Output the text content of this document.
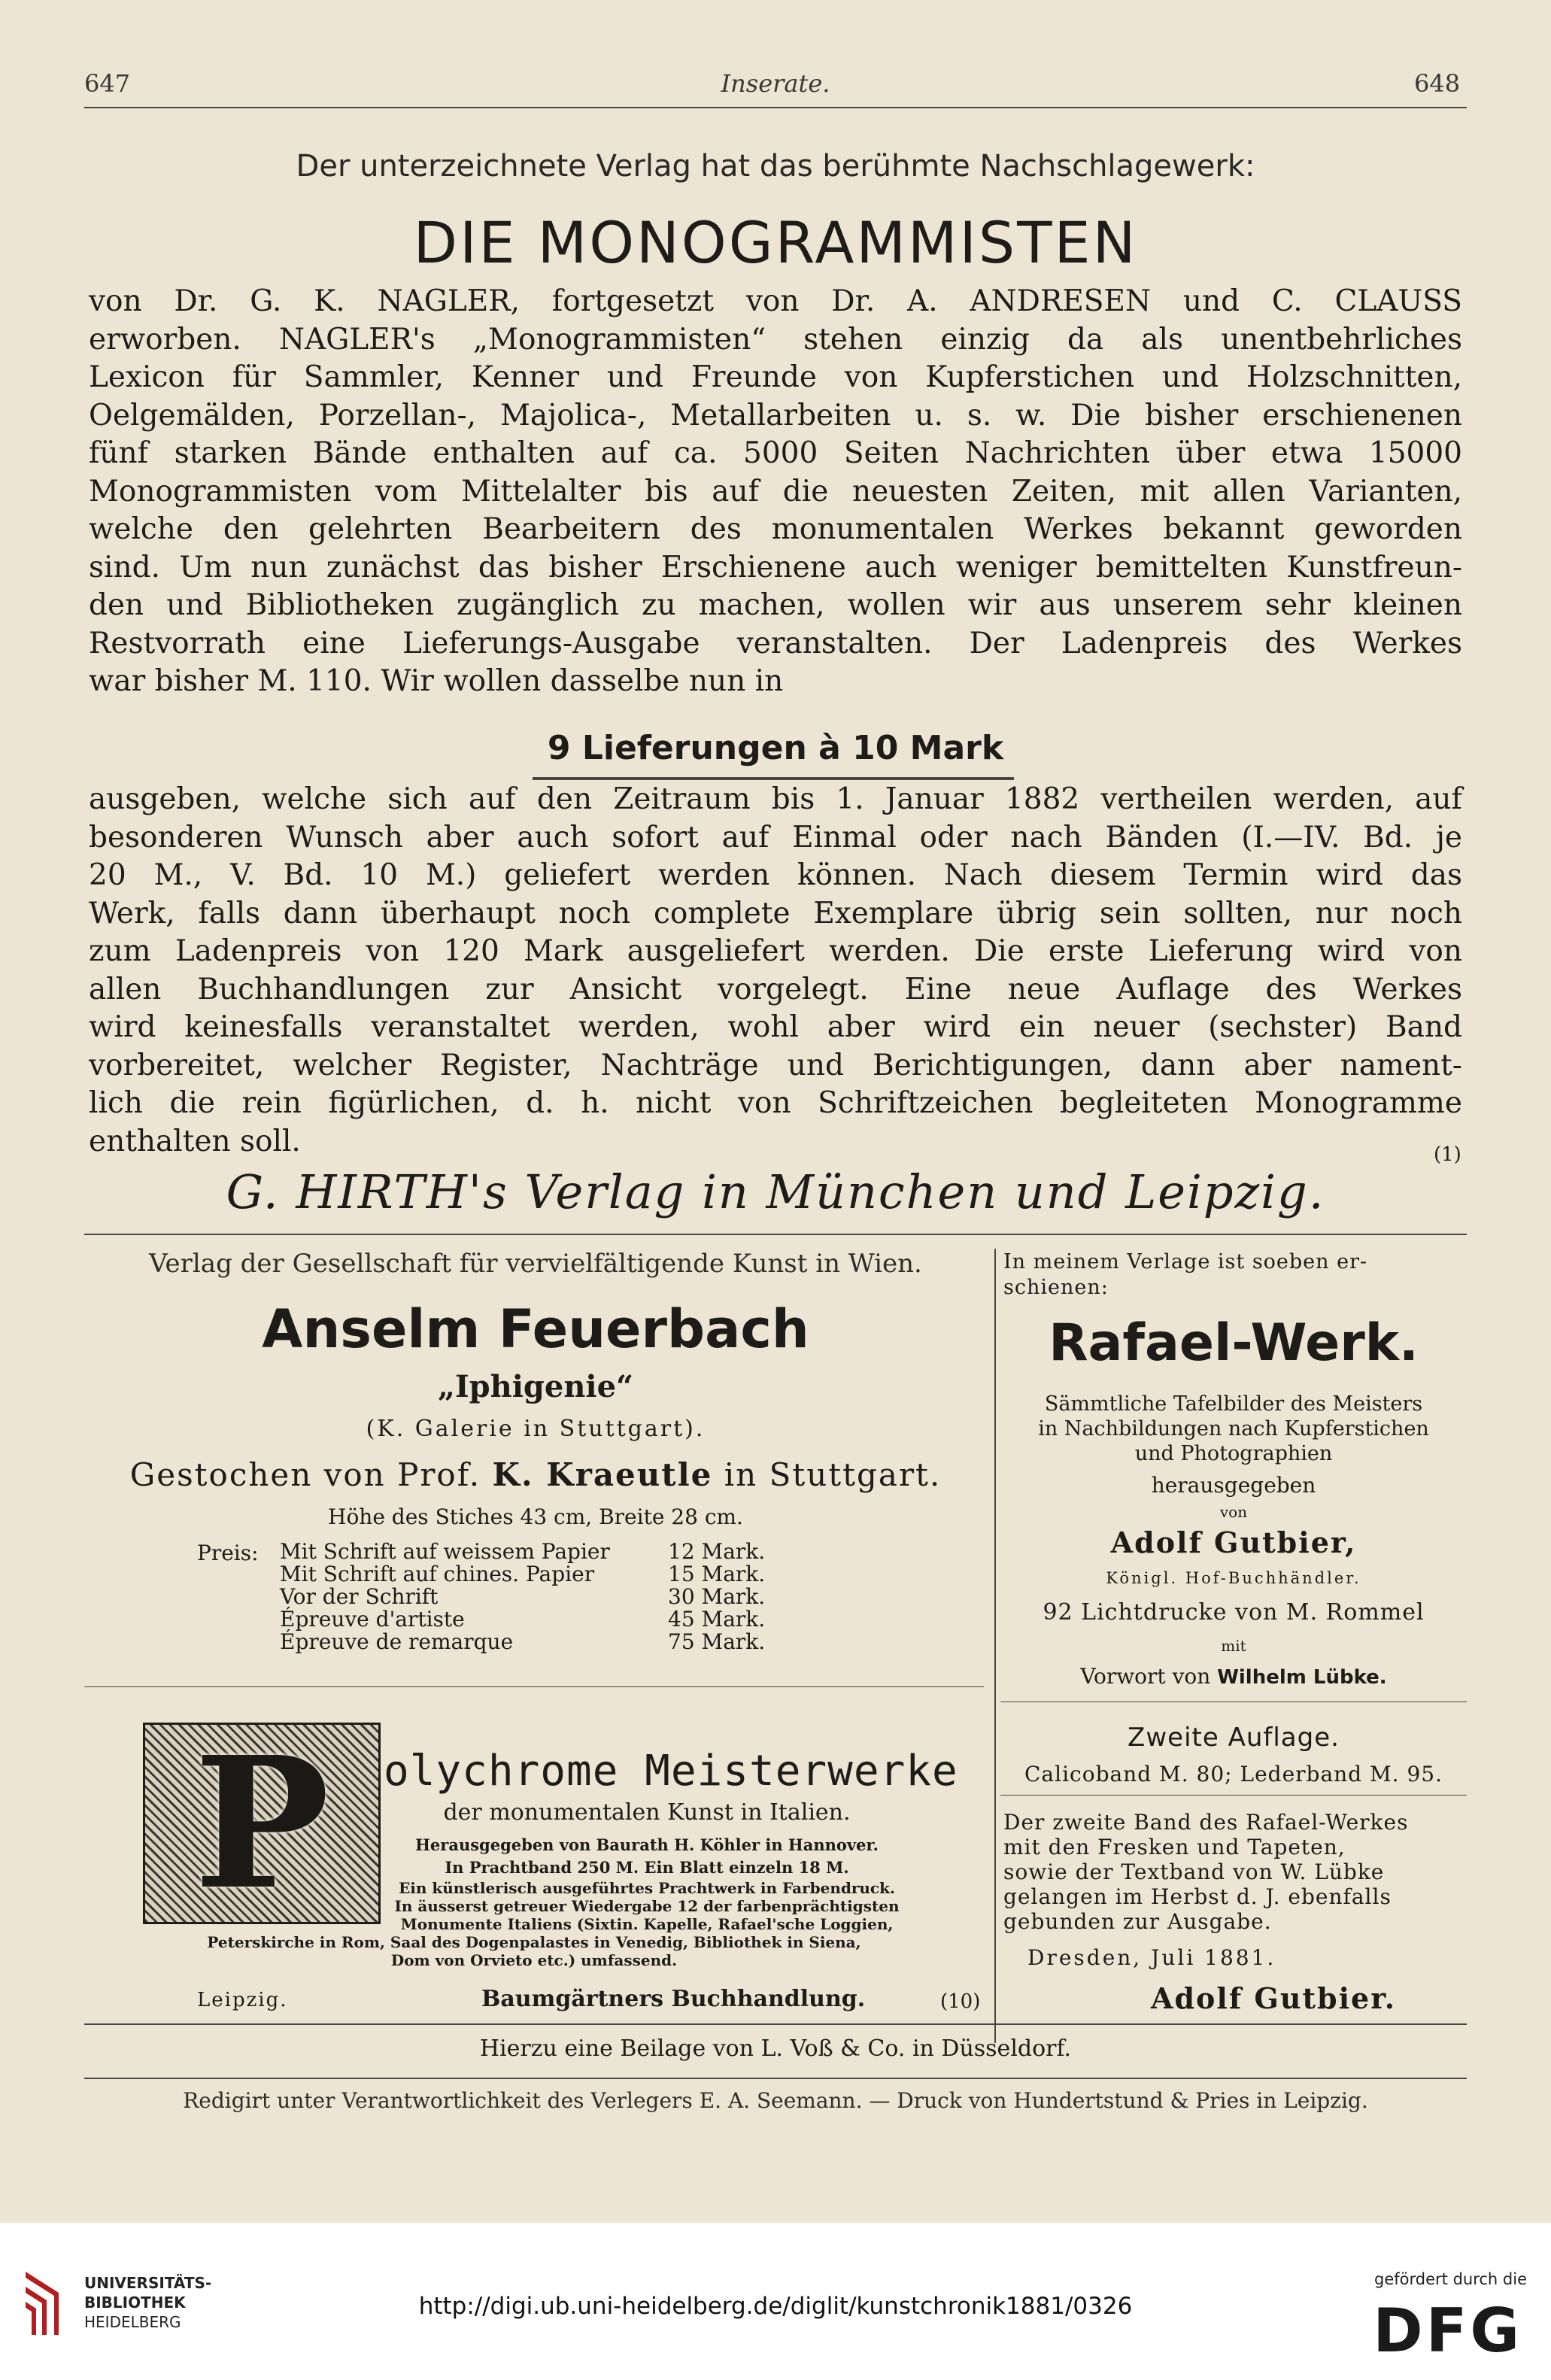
647	Inserate.	648
Der unterzeichnete Verlag hat das berühmte Nachschlagewerk:
DIE MONOGRAMMISTEN
von Dr. G. K. NAGLER, fortgesetzt von Dr. A. ANDRESEN und C. CLAUSS
erworben. NAGLER's „Monogrammisten“ stehen einzig da als unentbehrliches
Lexicon für Sammler, Kenner und Freunde von Kupferstichen und Holzschnitten,
Oelgemälden, Porzellan-, Majolica-, Metallarbeiten u. s. w. Die bisher erschienenen
fünf starken Bände enthalten auf ca. 5000 Seiten Nachrichten über etwa 15000
Monogrammisten vom Mittelalter bis auf die neuesten Zeiten, mit allen Varianten,
welche den gelehrten Bearbeitern des monumentalen Werkes bekannt geworden
sind. Um nun zunächst das bisher Erschienene auch weniger bemittelten Kunstfreun-
den und Bibliotheken zugänglich zu machen, wollen wir aus unserem sehr kleinen
Restvorrath eine Lieferungs-Ausgabe veranstalten. Der Ladenpreis des Werkes
war bisher M. 110. Wir wollen dasselbe nun in
9 Lieferungen à 10 Mark
ausgeben, welche sich auf den Zeitraum bis 1. Januar 1882 vertheilen werden, auf
besonderen Wunsch aber auch sofort auf Einmal oder nach Bänden (I.—IV. Bd. je
20 M., V. Bd. 10 M.) geliefert werden können. Nach diesem Termin wird das
Werk, falls dann überhaupt noch complete Exemplare übrig sein sollten, nur noch
zum Ladenpreis von 120 Mark ausgeliefert werden. Die erste Lieferung wird von
allen Buchhandlungen zur Ansicht vorgelegt. Eine neue Auflage des Werkes
wird keinesfalls veranstaltet werden, wohl aber wird ein neuer (sechster) Band
vorbereitet, welcher Register, Nachträge und Berichtigungen, dann aber nament-
lich die rein figürlichen, d. h. nicht von Schriftzeichen begleiteten Monogramme
enthalten soll.	(1)
G. HIRTH's Verlag in München und Leipzig.
Verlag der Gesellschaft für vervielfältigende Kunst in Wien.
Anselm Feuerbach
„Iphigenie“
(K. Galerie in Stuttgart).
Gestochen von Prof. K. Kraeutle in Stuttgart.
Höhe des Stiches 43 cm, Breite 28 cm.
Preis: Mit Schrift auf weissem Papier	12 Mark.
Mit Schrift auf chines. Papier	15 Mark.
Vor der Schrift	30 Mark.
Épreuve d'artiste	45 Mark.
Épreuve de remarque	75 Mark.
P	olychrome Meisterwerke
der monumentalen Kunst in Italien.
Herausgegeben von Baurath H. Köhler in Hannover.
In Prachtband 250 M. Ein Blatt einzeln 18 M.
Ein künstlerisch ausgeführtes Prachtwerk in Farbendruck.
In äusserst getreuer Wiedergabe 12 der farbenprächtigsten
Monumente Italiens (Sixtin. Kapelle, Rafael'sche Loggien,
Peterskirche in Rom, Saal des Dogenpalastes in Venedig, Bibliothek in Siena,
Dom von Orvieto etc.) umfassend.
Leipzig.	Baumgärtners Buchhandlung.	(10)
In meinem Verlage ist soeben er-
schienen:
Rafael-Werk.
Sämmtliche Tafelbilder des Meisters
in Nachbildungen nach Kupferstichen
und Photographien
herausgegeben
von
Adolf Gutbier,
Königl. Hof-Buchhändler.
92 Lichtdrucke von M. Rommel
mit
Vorwort von Wilhelm Lübke.
Zweite Auflage.
Calicoband M. 80; Lederband M. 95.
Der zweite Band des Rafael-Werkes
mit den Fresken und Tapeten,
sowie der Textband von W. Lübke
gelangen im Herbst d. J. ebenfalls
gebunden zur Ausgabe.
Dresden, Juli 1881.
Adolf Gutbier.
Hierzu eine Beilage von L. Voß & Co. in Düsseldorf.
Redigirt unter Verantwortlichkeit des Verlegers E. A. Seemann. — Druck von Hundertstund & Pries in Leipzig.
UNIVERSITÄTS-
BIBLIOTHEK
HEIDELBERG
http://digi.ub.uni-heidelberg.de/diglit/kunstchronik1881/0326
gefördert durch die
DFG
